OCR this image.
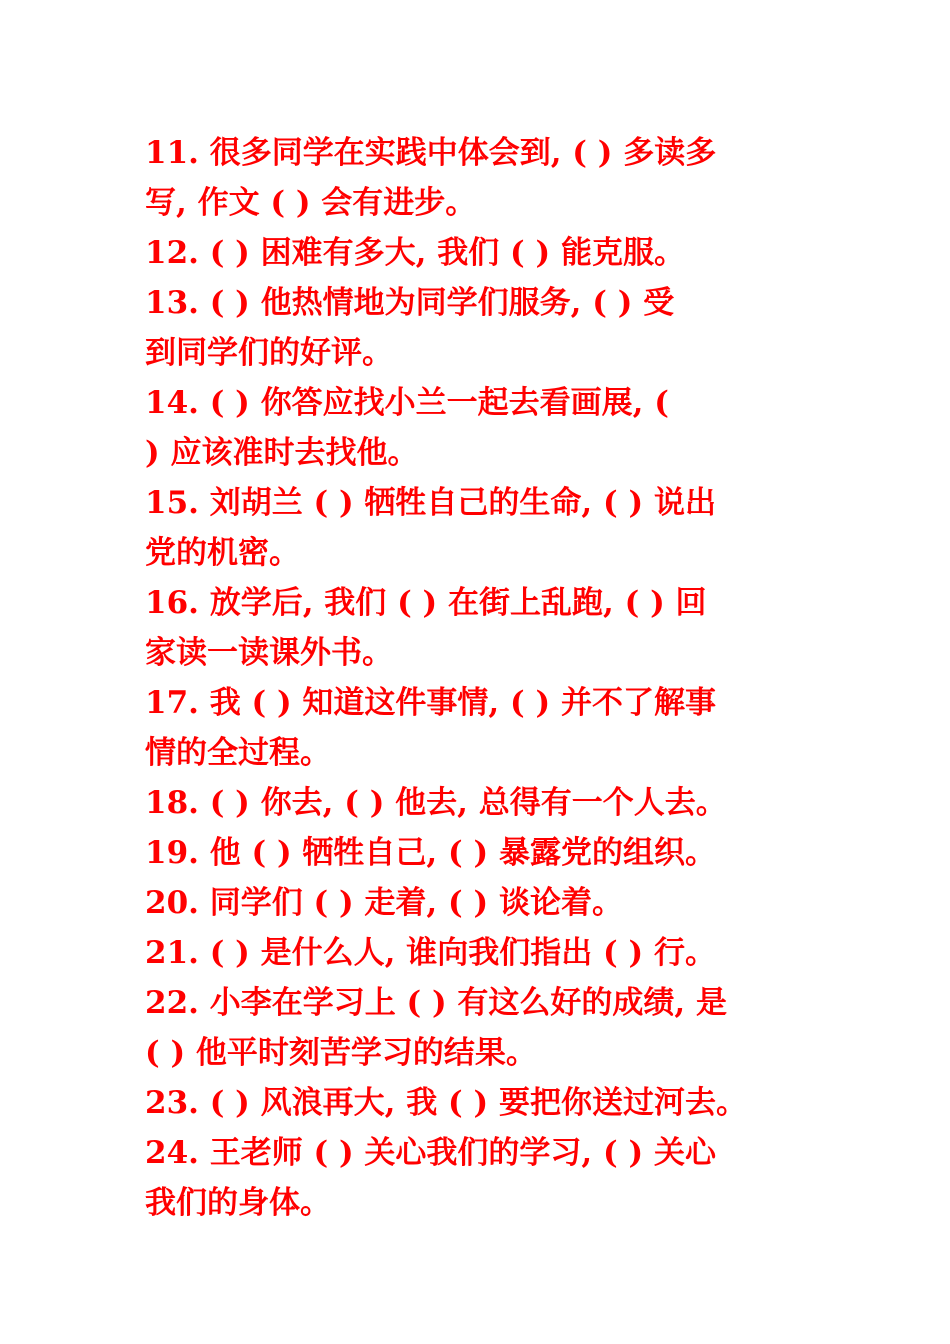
11. 很多同学在实践中体会到, ( ) 多读多
写, 作文 ( ) 会有进步。
12. ( ) 困难有多大, 我们 ( ) 能克服。
13. ( ) 他热情地为同学们服务, ( ) 受
到同学们的好评。
14. ( ) 你答应找小兰一起去看画展, (
) 应该准时去找他。
15. 刘胡兰 ( ) 牺牲自己的生命, ( ) 说出
党的机密。
16. 放学后, 我们 ( ) 在街上乱跑, ( ) 回
家读一读课外书。
17. 我 ( ) 知道这件事情, ( ) 并不了解事
情的全过程。
18. ( ) 你去, ( ) 他去, 总得有一个人去。
19. 他 ( ) 牺牲自己, ( ) 暴露党的组织。
20. 同学们 ( ) 走着, ( ) 谈论着。
21. ( ) 是什么人, 谁向我们指出 ( ) 行。
22. 小李在学习上 ( ) 有这么好的成绩, 是
( ) 他平时刻苦学习的结果。
23. ( ) 风浪再大, 我 ( ) 要把你送过河去。
24. 王老师 ( ) 关心我们的学习, ( ) 关心
我们的身体。
